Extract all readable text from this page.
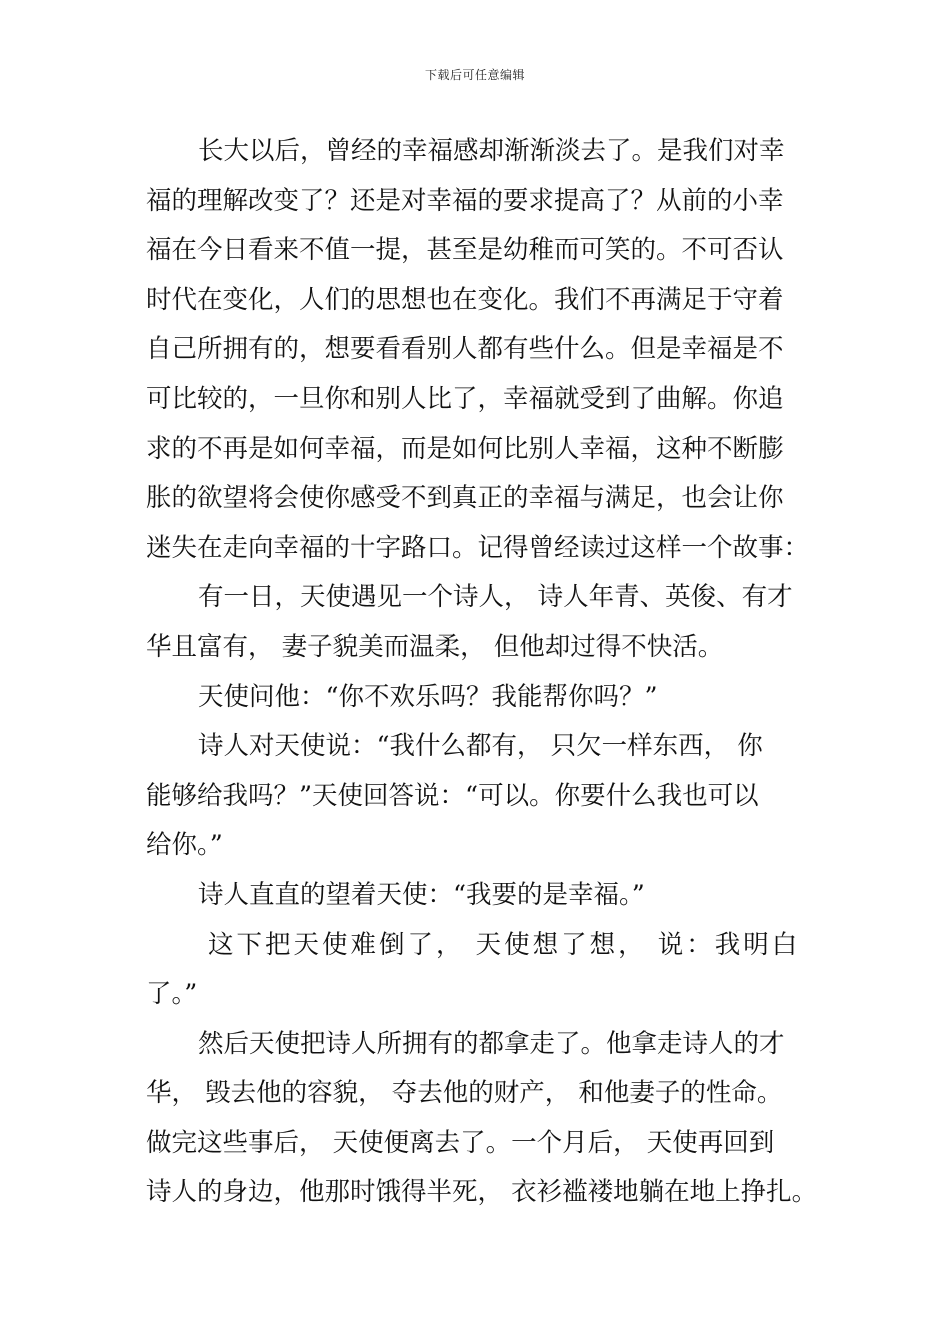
下载后可任意编辑
长大以后，曾经的幸福感却渐渐淡去了。是我们对幸
福的理解改变了？还是对幸福的要求提高了？从前的小幸
福在今日看来不值一提，甚至是幼稚而可笑的。不可否认
时代在变化，人们的思想也在变化。我们不再满足于守着
自己所拥有的，想要看看别人都有些什么。但是幸福是不
可比较的，一旦你和别人比了，幸福就受到了曲解。你追
求的不再是如何幸福，而是如何比别人幸福，这种不断膨
胀的欲望将会使你感受不到真正的幸福与满足，也会让你
迷失在走向幸福的十字路口。记得曾经读过这样一个故事：
有一日，天使遇见一个诗人， 诗人年青、英俊、有才
华且富有， 妻子貌美而温柔， 但他却过得不快活。
天使问他：“你不欢乐吗？我能帮你吗？”
诗人对天使说：“我什么都有， 只欠一样东西， 你
能够给我吗？”天使回答说：“可以。你要什么我也可以
给你。”
诗人直直的望着天使：“我要的是幸福。”
这下把天使难倒了， 天使想了想， 说：我明白
了。”
然后天使把诗人所拥有的都拿走了。他拿走诗人的才
华， 毁去他的容貌， 夺去他的财产， 和他妻子的性命。
做完这些事后， 天使便离去了。一个月后， 天使再回到
诗人的身边，他那时饿得半死， 衣衫褴褛地躺在地上挣扎。
